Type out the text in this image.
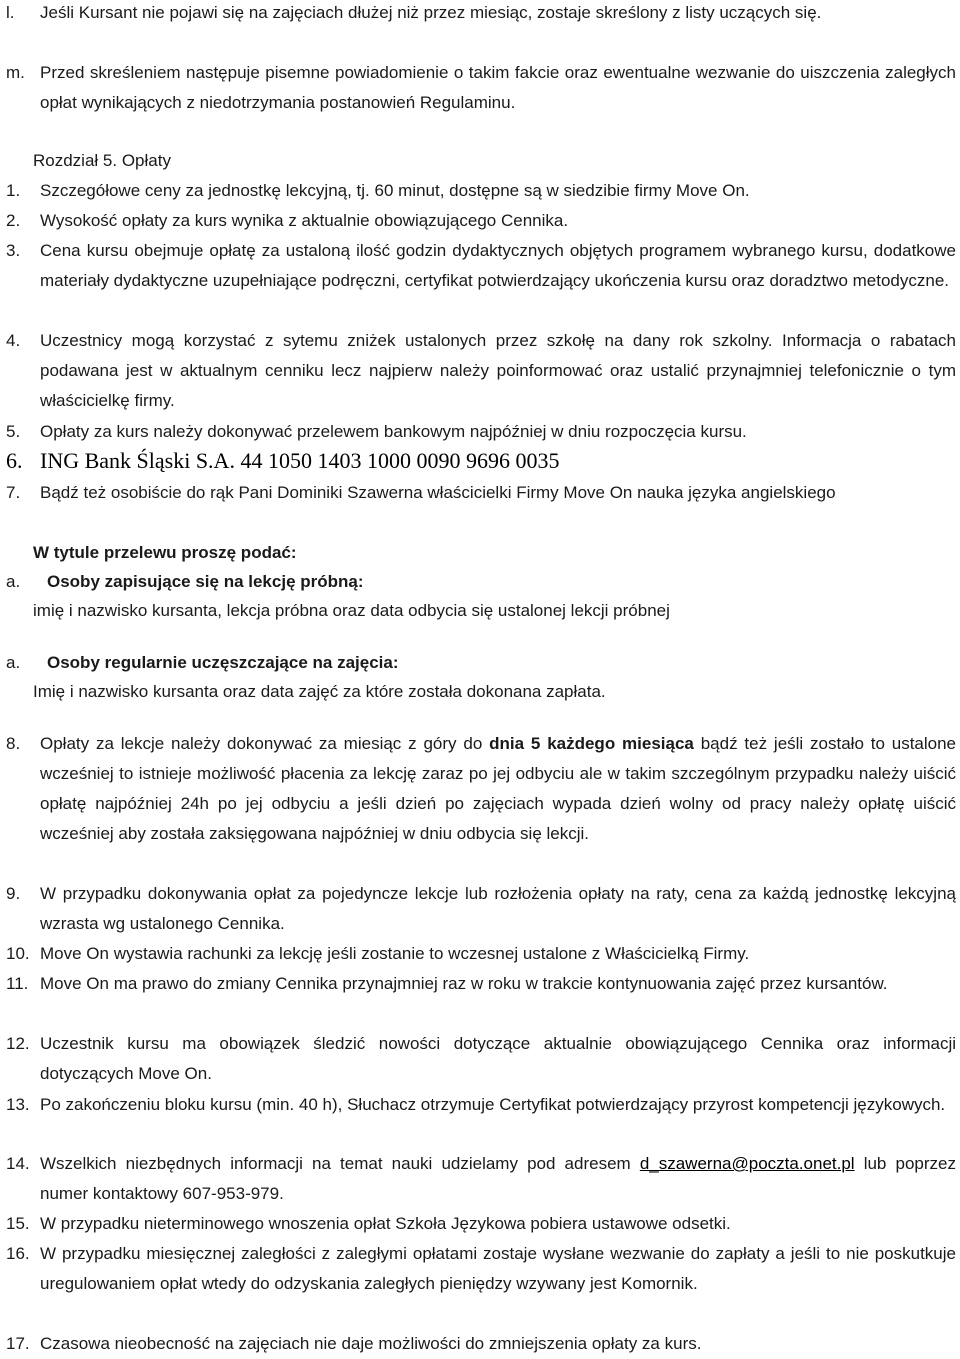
l.	Jeśli Kursant nie pojawi się na zajęciach dłużej niż przez miesiąc, zostaje skreślony z listy uczących się.
m. Przed skreśleniem następuje pisemne powiadomienie o takim fakcie oraz ewentualne wezwanie do uiszczenia zaległych opłat wynikających z niedotrzymania postanowień Regulaminu.
Rozdział 5. Opłaty
1.	Szczegółowe ceny za jednostkę lekcyjną, tj. 60 minut, dostępne są w siedzibie firmy Move On.
2.	Wysokość opłaty za kurs wynika z aktualnie obowiązującego Cennika.
3.	Cena kursu obejmuje opłatę za ustaloną ilość godzin dydaktycznych objętych programem wybranego kursu, dodatkowe materiały dydaktyczne uzupełniające podręczni, certyfikat potwierdzający ukończenia kursu oraz doradztwo metodyczne.
4.	Uczestnicy mogą korzystać z sytemu zniżek ustalonych przez szkołę na dany rok szkolny. Informacja o rabatach podawana jest w aktualnym cenniku lecz najpierw należy poinformować oraz ustalić przynajmniej telefonicznie o tym właścicielkę firmy.
5.	Opłaty za kurs należy dokonywać przelewem bankowym najpóźniej w dniu rozpoczęcia kursu.
6. ING Bank Śląski S.A. 44 1050 1403 1000 0090 9696 0035
7.	Bądź też osobiście do rąk Pani Dominiki Szawerna właścicielki Firmy Move On nauka języka angielskiego
W tytule przelewu proszę podać:
a.	Osoby zapisujące się na lekcję próbną:
imię i nazwisko kursanta, lekcja próbna oraz data odbycia się ustalonej lekcji próbnej
a.	Osoby regularnie uczęszczające na zajęcia:
Imię i nazwisko kursanta oraz data zajęć za które została dokonana zapłata.
8.	Opłaty za lekcje należy dokonywać za miesiąc z góry do dnia 5 każdego miesiąca bądź też jeśli zostało to ustalone wcześniej to istnieje możliwość płacenia za lekcję zaraz po jej odbyciu ale w takim szczególnym przypadku należy uiścić opłatę najpóźniej 24h po jej odbyciu a jeśli dzień po zajęciach wypada dzień wolny od pracy należy opłatę uiścić wcześniej aby została zaksięgowana najpóźniej w dniu odbycia się lekcji.
9.	W przypadku dokonywania opłat za pojedyncze lekcje lub rozłożenia opłaty na raty, cena za każdą jednostkę lekcyjną wzrasta wg ustalonego Cennika.
10. Move On wystawia rachunki za lekcję jeśli zostanie to wczesnej ustalone z Właścicielką Firmy.
11. Move On ma prawo do zmiany Cennika przynajmniej raz w roku w trakcie kontynuowania zajęć przez kursantów.
12. Uczestnik kursu ma obowiązek śledzić nowości dotyczące aktualnie obowiązującego Cennika oraz informacji dotyczących Move On.
13. Po zakończeniu bloku kursu (min. 40 h), Słuchacz otrzymuje Certyfikat potwierdzający przyrost kompetencji językowych.
14. Wszelkich niezbędnych informacji na temat nauki udzielamy pod adresem d_szawerna@poczta.onet.pl lub poprzez numer kontaktowy 607-953-979.
15. W przypadku nieterminowego wnoszenia opłat Szkoła Językowa pobiera ustawowe odsetki.
16. W przypadku miesięcznej zaległości z zaległymi opłatami zostaje wysłane wezwanie do zapłaty a jeśli to nie poskutkuje uregulowaniem opłat wtedy do odzyskania zaległych pieniędzy wzywany jest Komornik.
17. Czasowa nieobecność na zajęciach nie daje możliwości do zmniejszenia opłaty za kurs.
